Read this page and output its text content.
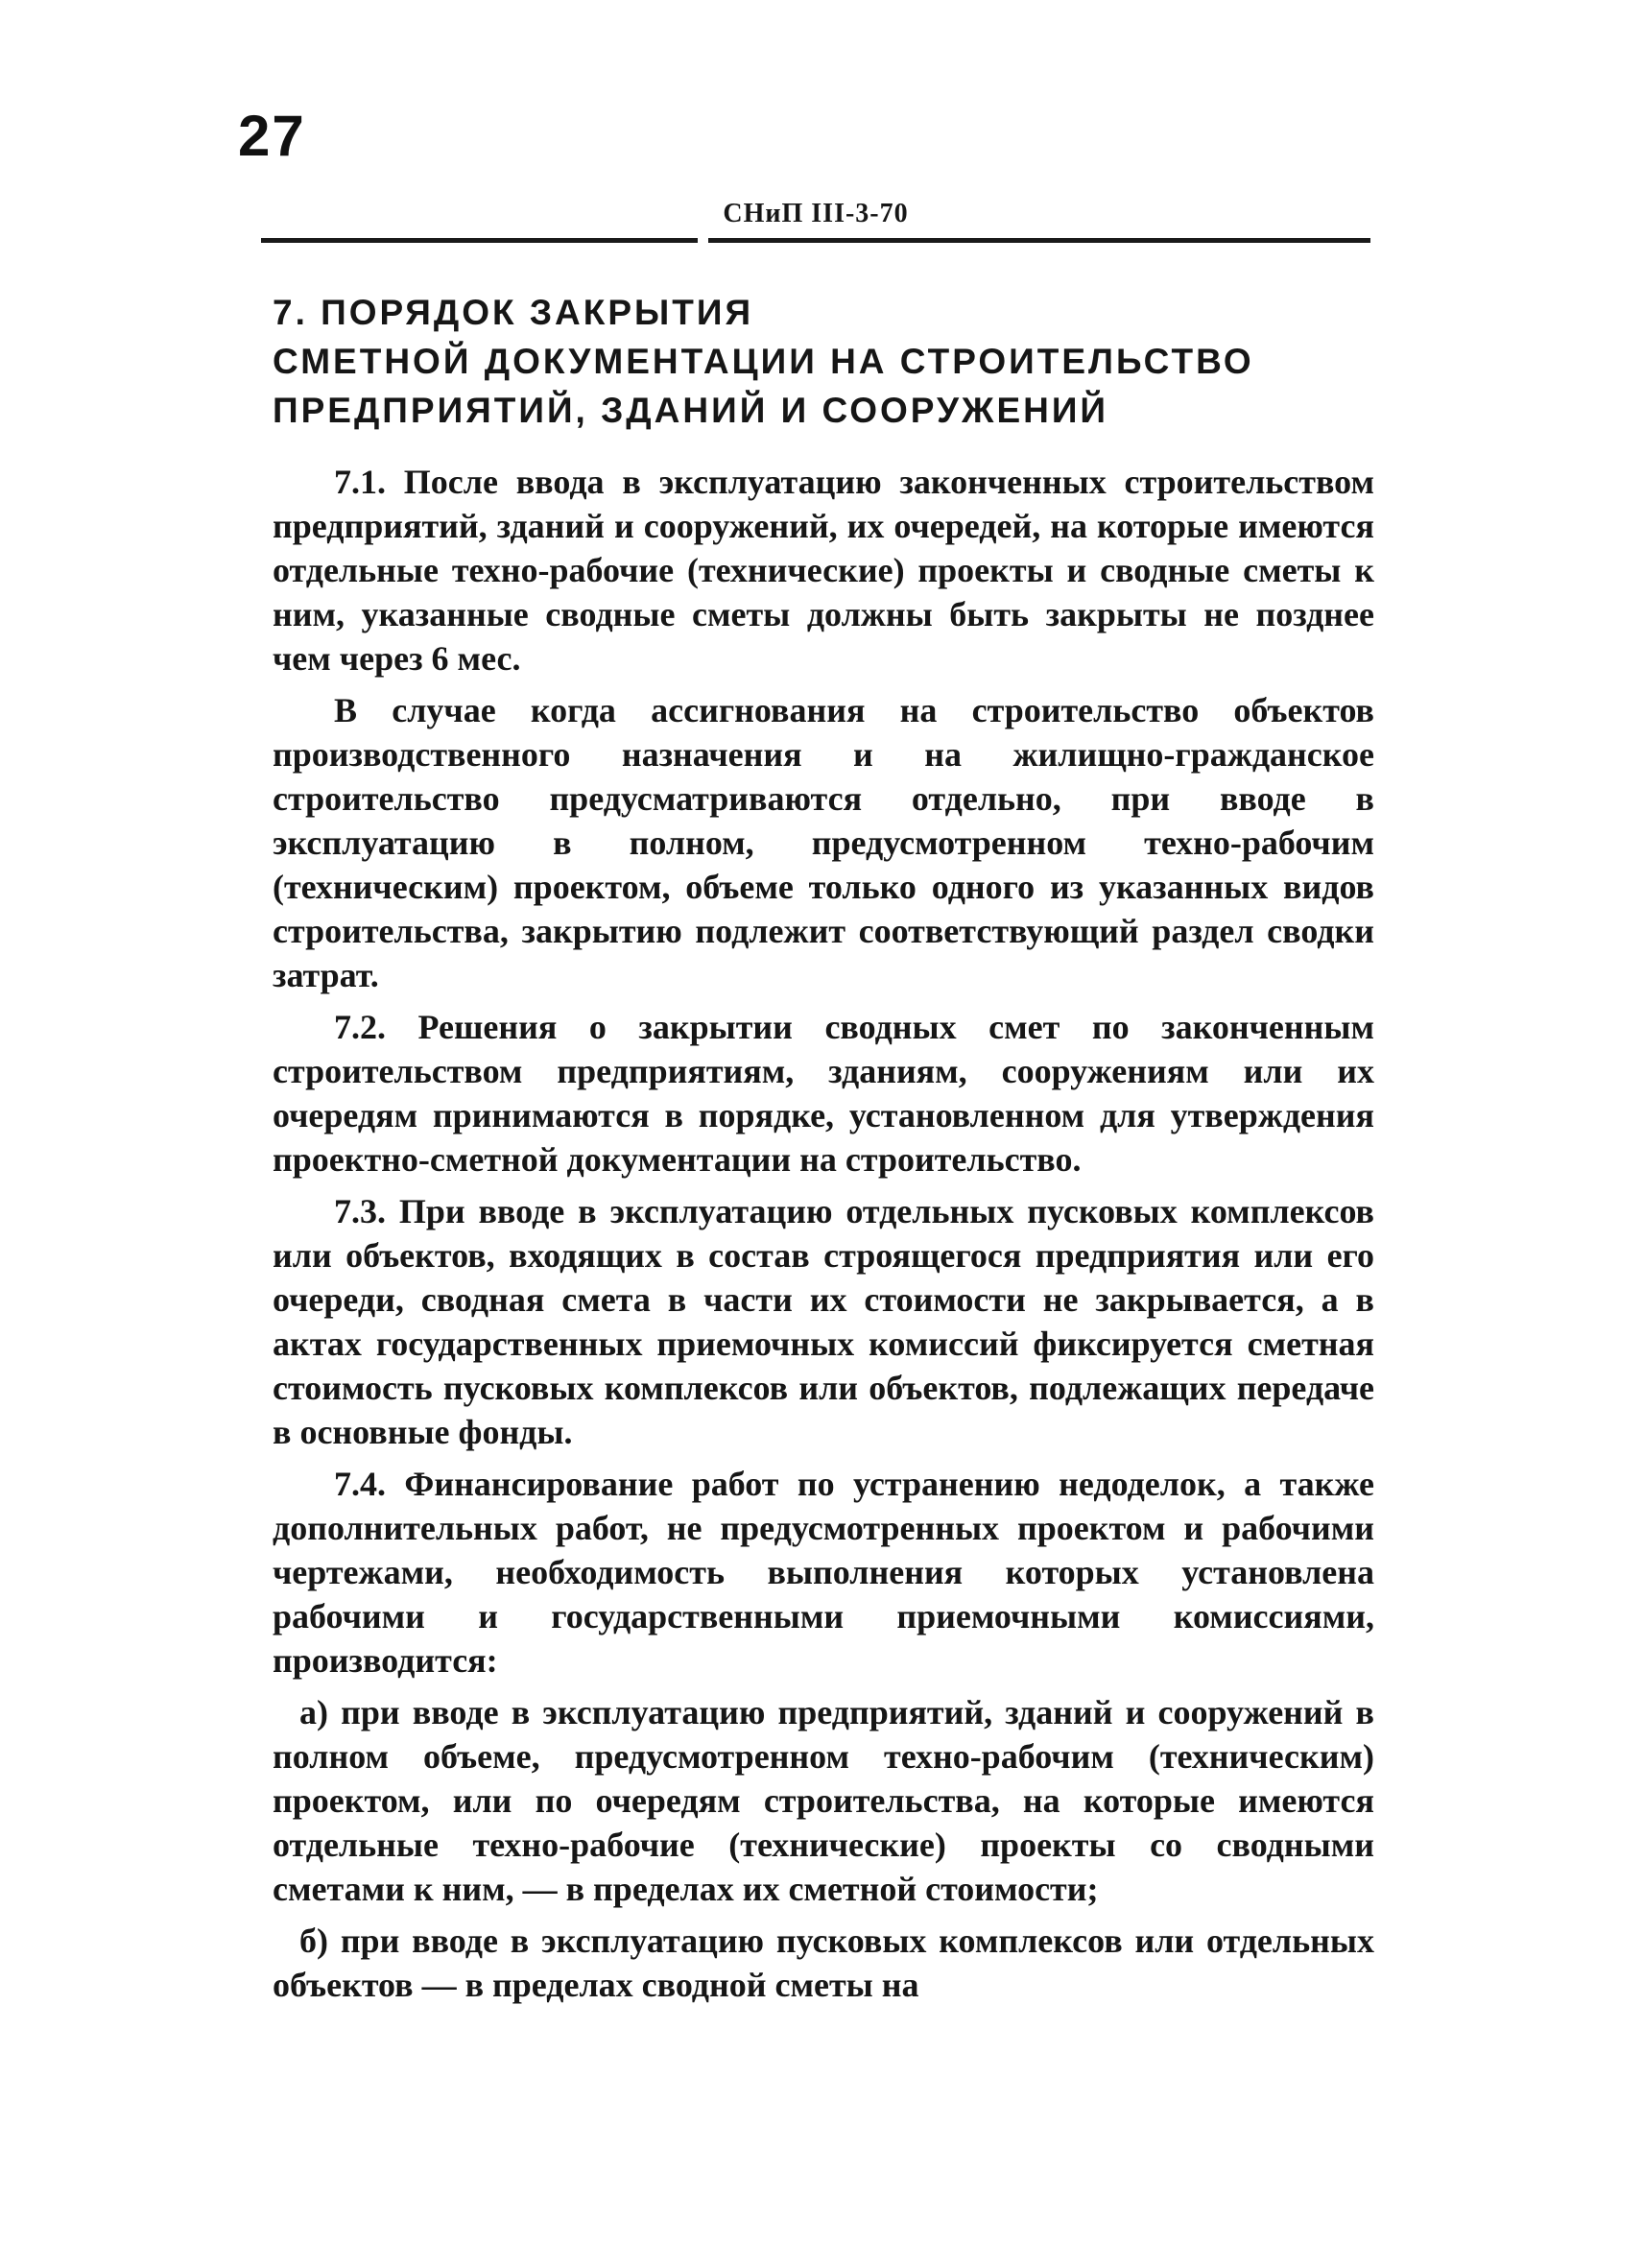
27
СНиП III-3-70
7. ПОРЯДОК ЗАКРЫТИЯ
СМЕТНОЙ ДОКУМЕНТАЦИИ НА СТРОИТЕЛЬСТВО
ПРЕДПРИЯТИЙ, ЗДАНИЙ И СООРУЖЕНИЙ

7.1. После ввода в эксплуатацию законченных строительством предприятий, зданий и сооружений, их очередей, на которые имеются отдельные техно-рабочие (технические) проекты и сводные сметы к ним, указанные сводные сметы должны быть закрыты не позднее чем через 6 мес.

В случае когда ассигнования на строительство объектов производственного назначения и на жилищно-гражданское строительство предусматриваются отдельно, при вводе в эксплуатацию в полном, предусмотренном техно-рабочим (техническим) проектом, объеме только одного из указанных видов строительства, закрытию подлежит соответствующий раздел сводки затрат.

7.2. Решения о закрытии сводных смет по законченным строительством предприятиям, зданиям, сооружениям или их очередям принимаются в порядке, установленном для утверждения проектно-сметной документации на строительство.

7.3. При вводе в эксплуатацию отдельных пусковых комплексов или объектов, входящих в состав строящегося предприятия или его очереди, сводная смета в части их стоимости не закрывается, а в актах государственных приемочных комиссий фиксируется сметная стоимость пусковых комплексов или объектов, подлежащих передаче в основные фонды.

7.4. Финансирование работ по устранению недоделок, а также дополнительных работ, не предусмотренных проектом и рабочими чертежами, необходимость выполнения которых установлена рабочими и государственными приемочными комиссиями, производится:

а) при вводе в эксплуатацию предприятий, зданий и сооружений в полном объеме, предусмотренном техно-рабочим (техническим) проектом, или по очередям строительства, на которые имеются отдельные техно-рабочие (технические) проекты со сводными сметами к ним, — в пределах их сметной стоимости;

б) при вводе в эксплуатацию пусковых комплексов или отдельных объектов — в пределах сводной сметы на
